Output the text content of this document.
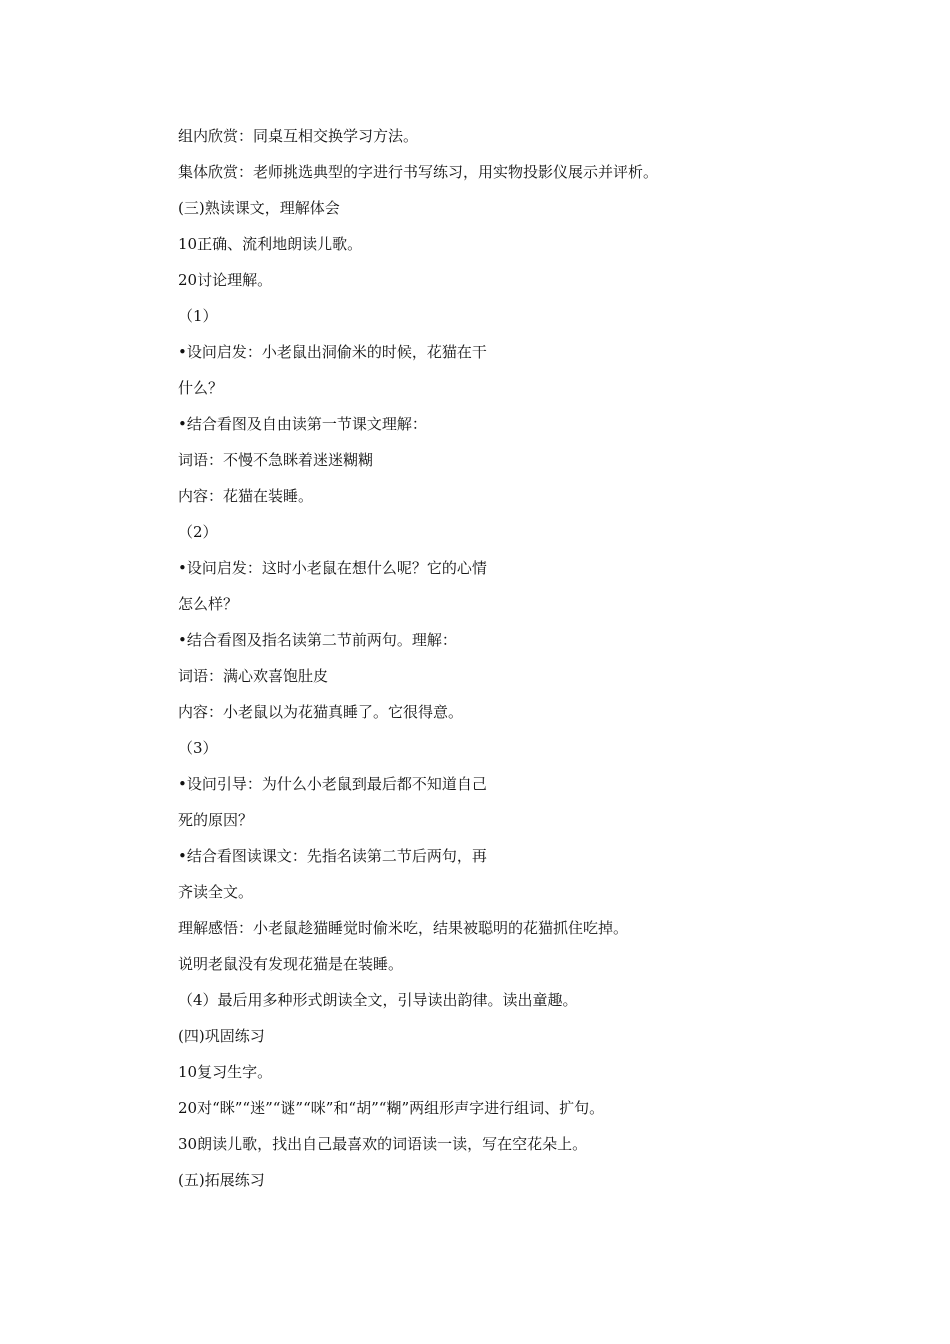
组内欣赏：同桌互相交换学习方法。

集体欣赏：老师挑选典型的字进行书写练习，用实物投影仪展示并评析。

(三)熟读课文，理解体会

10正确、流利地朗读儿歌。

20讨论理解。

（1）

•设问启发：小老鼠出洞偷米的时候，花猫在干

什么？

•结合看图及自由读第一节课文理解：

词语：不慢不急眯着迷迷糊糊

内容：花猫在装睡。

（2）

•设问启发：这时小老鼠在想什么呢？它的心情

怎么样？

•结合看图及指名读第二节前两句。理解：

词语：满心欢喜饱肚皮

内容：小老鼠以为花猫真睡了。它很得意。

（3）

•设问引导：为什么小老鼠到最后都不知道自己

死的原因？

•结合看图读课文：先指名读第二节后两句，再

齐读全文。

理解感悟：小老鼠趁猫睡觉时偷米吃，结果被聪明的花猫抓住吃掉。

说明老鼠没有发现花猫是在装睡。

（4）最后用多种形式朗读全文，引导读出韵律。读出童趣。

(四)巩固练习

10复习生字。

20对“眯”“迷”“谜”“咪”和“胡”“糊”两组形声字进行组词、扩句。

30朗读儿歌，找出自己最喜欢的词语读一读，写在空花朵上。

(五)拓展练习
